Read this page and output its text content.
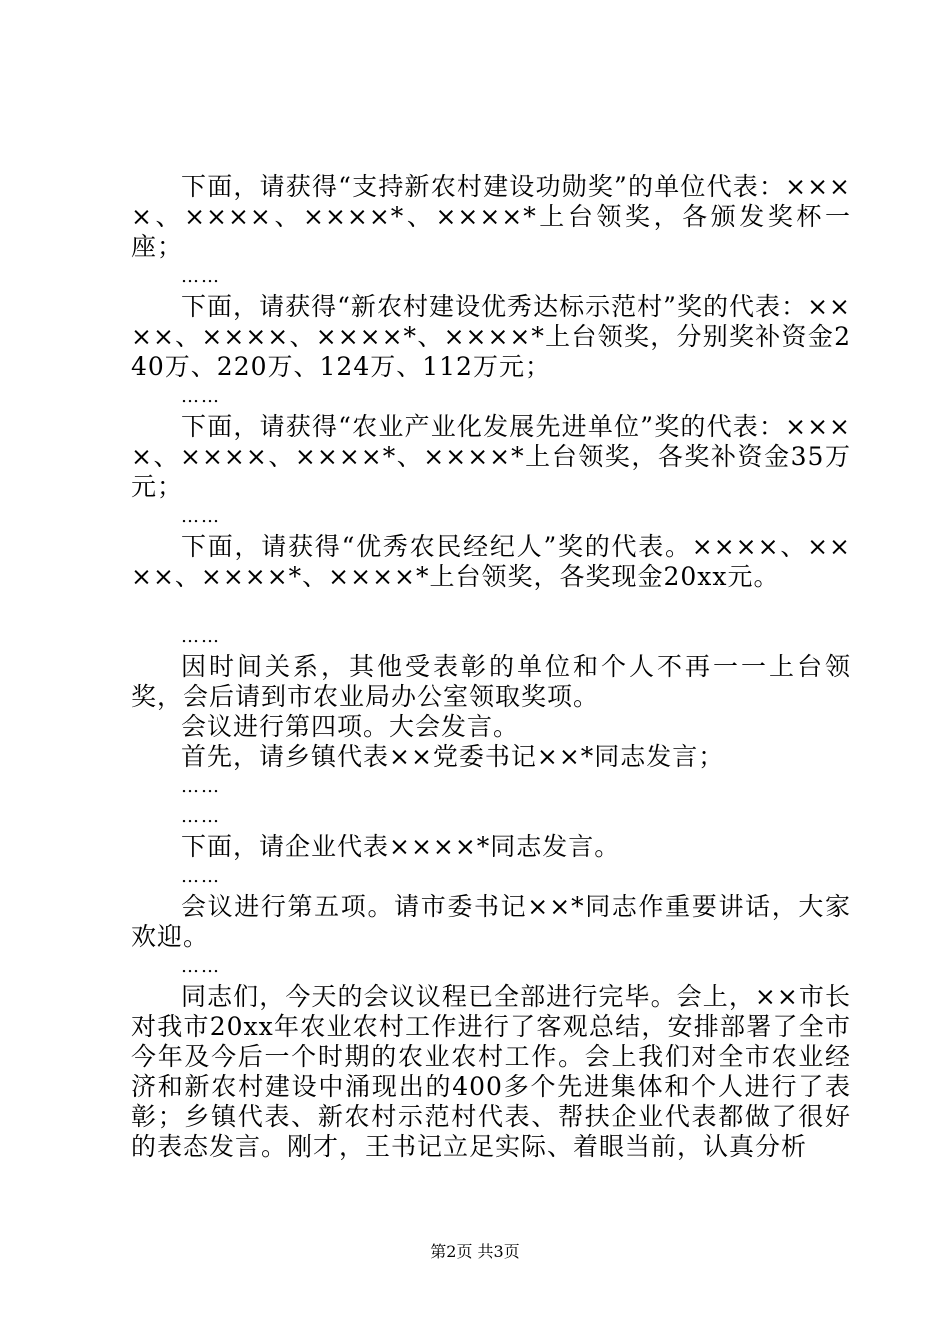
下面，请获得“支持新农村建设功勋奖”的单位代表：××××、××××、××××*、××××*上台领奖，各颁发奖杯一座；

……

下面，请获得“新农村建设优秀达标示范村”奖的代表：××××、××××、××××*、××××*上台领奖，分别奖补资金240万、220万、124万、112万元；

……

下面，请获得“农业产业化发展先进单位”奖的代表：××××、××××、××××*、××××*上台领奖，各奖补资金35万元；

……

下面，请获得“优秀农民经纪人”奖的代表。××××、××××、××××*、××××*上台领奖，各奖现金20xx元。

……

因时间关系，其他受表彰的单位和个人不再一一上台领奖，会后请到市农业局办公室领取奖项。

会议进行第四项。大会发言。

首先，请乡镇代表××党委书记××*同志发言；

……

……

下面，请企业代表××××*同志发言。

……

会议进行第五项。请市委书记××*同志作重要讲话，大家欢迎。

……

同志们，今天的会议议程已全部进行完毕。会上，××市长对我市20xx年农业农村工作进行了客观总结，安排部署了全市今年及今后一个时期的农业农村工作。会上我们对全市农业经济和新农村建设中涌现出的400多个先进集体和个人进行了表彰；乡镇代表、新农村示范村代表、帮扶企业代表都做了很好的表态发言。刚才，王书记立足实际、着眼当前，认真分析

第2页 共3页
